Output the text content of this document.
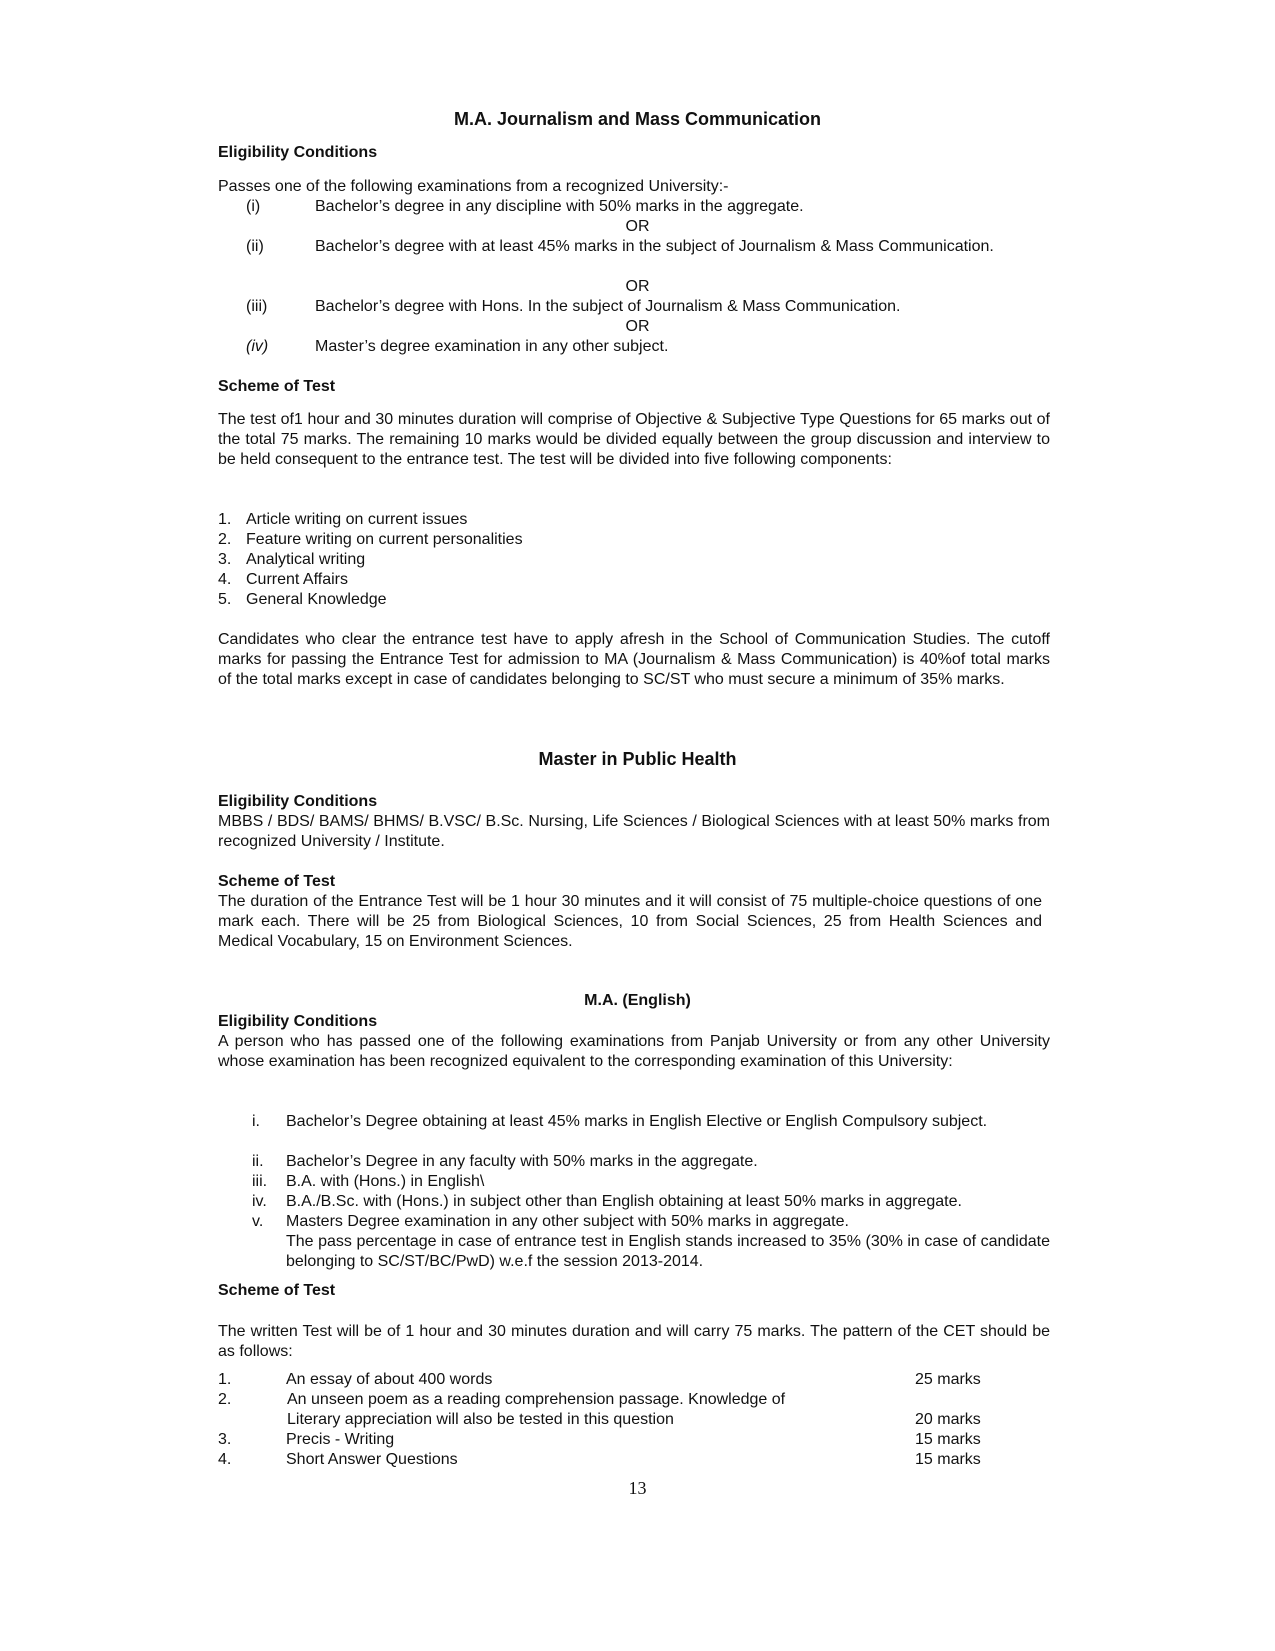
M.A. Journalism and Mass Communication
Eligibility Conditions
Passes one of the following examinations from a recognized University:-
(i)	Bachelor’s degree in any discipline with 50% marks in the aggregate.
OR
(ii)	Bachelor’s degree with at least 45% marks in the subject of Journalism & Mass Communication.
OR
(iii)	Bachelor’s degree with Hons. In the subject of Journalism & Mass Communication.
OR
(iv)	Master’s degree examination in any other subject.
Scheme of Test
The test of1 hour and 30 minutes duration will comprise of Objective & Subjective Type Questions for 65 marks out of the total 75 marks. The remaining 10 marks would be divided equally between the group discussion and interview to be held consequent to the entrance test. The test will be divided into five following components:
1. Article writing on current issues
2. Feature writing on current personalities
3. Analytical writing
4. Current Affairs
5. General Knowledge
Candidates who clear the entrance test have to apply afresh in the School of Communication Studies. The cutoff marks for passing the Entrance Test for admission to MA (Journalism & Mass Communication) is 40%of total marks of the total marks except in case of candidates belonging to SC/ST who must secure a minimum of 35% marks.
Master in Public Health
Eligibility Conditions
MBBS / BDS/ BAMS/ BHMS/ B.VSC/ B.Sc. Nursing, Life Sciences / Biological Sciences with at least 50% marks from recognized University / Institute.
Scheme of Test
The duration of the Entrance Test will be 1 hour 30 minutes and it will consist of 75 multiple-choice questions of one mark each. There will be 25 from Biological Sciences, 10 from Social Sciences, 25 from Health Sciences and Medical Vocabulary, 15 on Environment Sciences.
M.A. (English)
Eligibility Conditions
A person who has passed one of the following examinations from Panjab University or from any other University whose examination has been recognized equivalent to the corresponding examination of this University:
i. Bachelor’s Degree obtaining at least 45% marks in English Elective or English Compulsory subject.
ii. Bachelor’s Degree in any faculty with 50% marks in the aggregate.
iii. B.A. with (Hons.) in English\
iv. B.A./B.Sc. with (Hons.) in subject other than English obtaining at least 50% marks in aggregate.
v. Masters Degree examination in any other subject with 50% marks in aggregate.
The pass percentage in case of entrance test in English stands increased to 35% (30% in case of candidate belonging to SC/ST/BC/PwD) w.e.f the session 2013-2014.
Scheme of Test
The written Test will be of 1 hour and 30 minutes duration and will carry 75 marks. The pattern of the CET should be as follows:
1.	An essay of about 400 words	25 marks
2.	An unseen poem as a reading comprehension passage. Knowledge of
Literary appreciation will also be tested in this question	20 marks
3.	Precis - Writing	15 marks
4.	Short Answer Questions	15 marks
13
